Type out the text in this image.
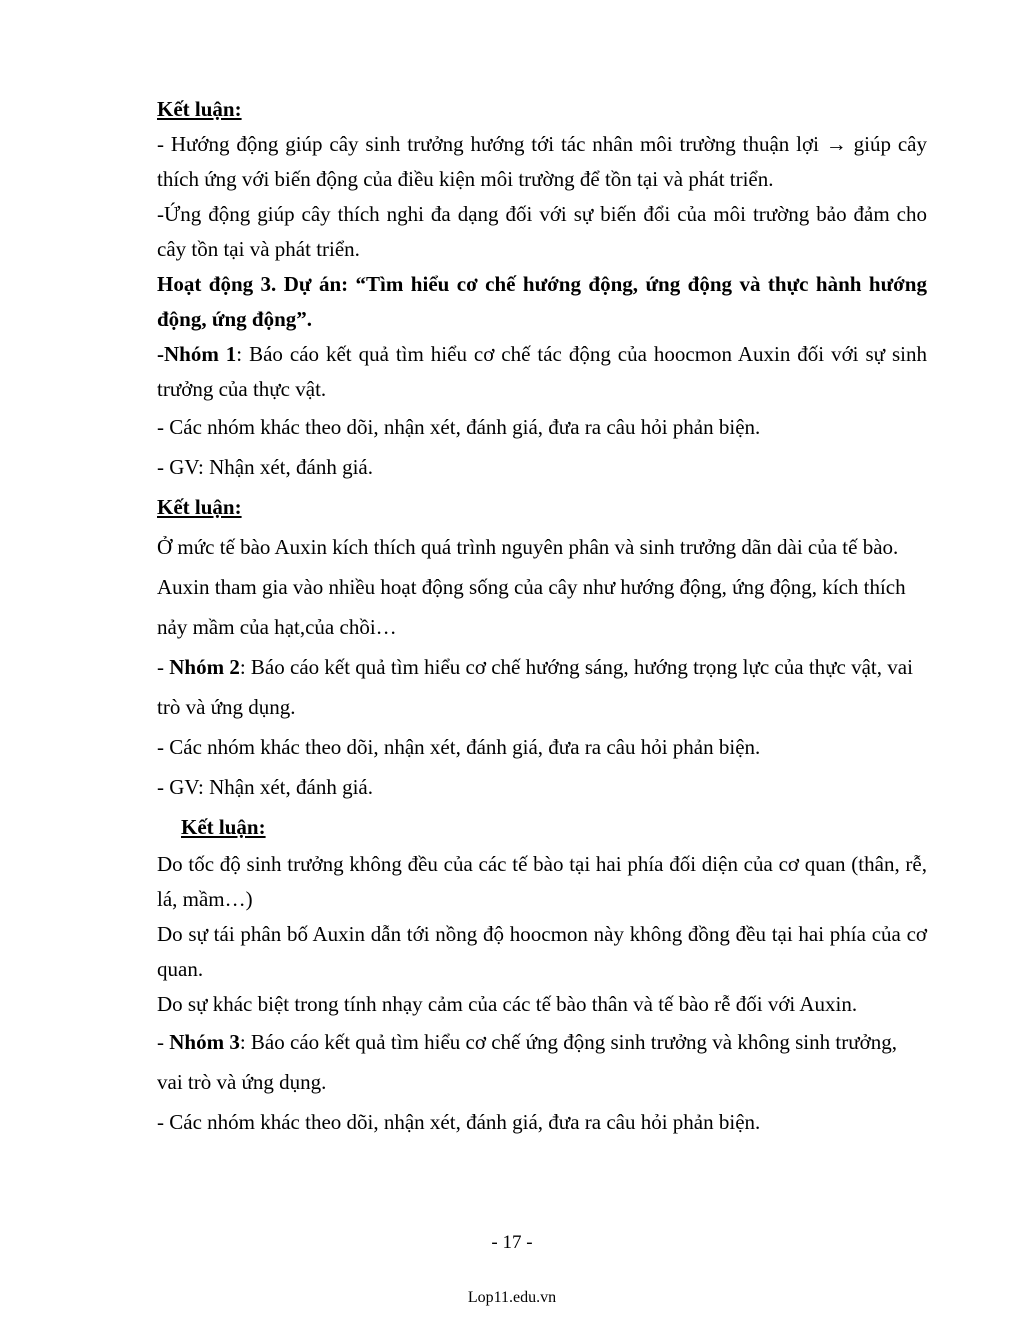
Kết luận:

- Hướng động giúp cây sinh trưởng hướng tới tác nhân môi trường thuận lợi → giúp cây thích ứng với biến động của điều kiện môi trường để tồn tại và phát triển.

-Ứng động giúp cây thích nghi đa dạng đối với sự biến đổi của môi trường bảo đảm cho cây tồn tại và phát triển.

Hoạt động 3. Dự án: “Tìm hiểu cơ chế hướng động, ứng động và thực hành hướng động, ứng động”.

-Nhóm 1: Báo cáo kết quả tìm hiểu cơ chế tác động của hoocmon Auxin đối với sự sinh trưởng của thực vật.

- Các nhóm khác theo dõi, nhận xét, đánh giá, đưa ra câu hỏi phản biện.

- GV: Nhận xét, đánh giá.

Kết luận:

Ở mức tế bào Auxin kích thích quá trình nguyên phân và sinh trưởng dãn dài của tế bào. Auxin tham gia vào nhiều hoạt động sống của cây như hướng động, ứng động, kích thích nảy mầm của hạt,của chồi…

- Nhóm 2: Báo cáo kết quả tìm hiểu cơ chế hướng sáng, hướng trọng lực của thực vật, vai trò và ứng dụng.

- Các nhóm khác theo dõi, nhận xét, đánh giá, đưa ra câu hỏi phản biện.

- GV: Nhận xét, đánh giá.

Kết luận:

Do tốc độ sinh trưởng không đều của các tế bào tại hai phía đối diện của cơ quan (thân, rễ, lá, mầm…)

Do sự tái phân bố Auxin dẫn tới nồng độ hoocmon này không đồng đều tại hai phía của cơ quan.

Do sự khác biệt trong tính nhạy cảm của các tế bào thân và tế bào rễ đối với Auxin.

- Nhóm 3: Báo cáo kết quả tìm hiểu cơ chế ứng động sinh trưởng và không sinh trưởng, vai trò và ứng dụng.

- Các nhóm khác theo dõi, nhận xét, đánh giá, đưa ra câu hỏi phản biện.

- 17 -
Lop11.edu.vn
